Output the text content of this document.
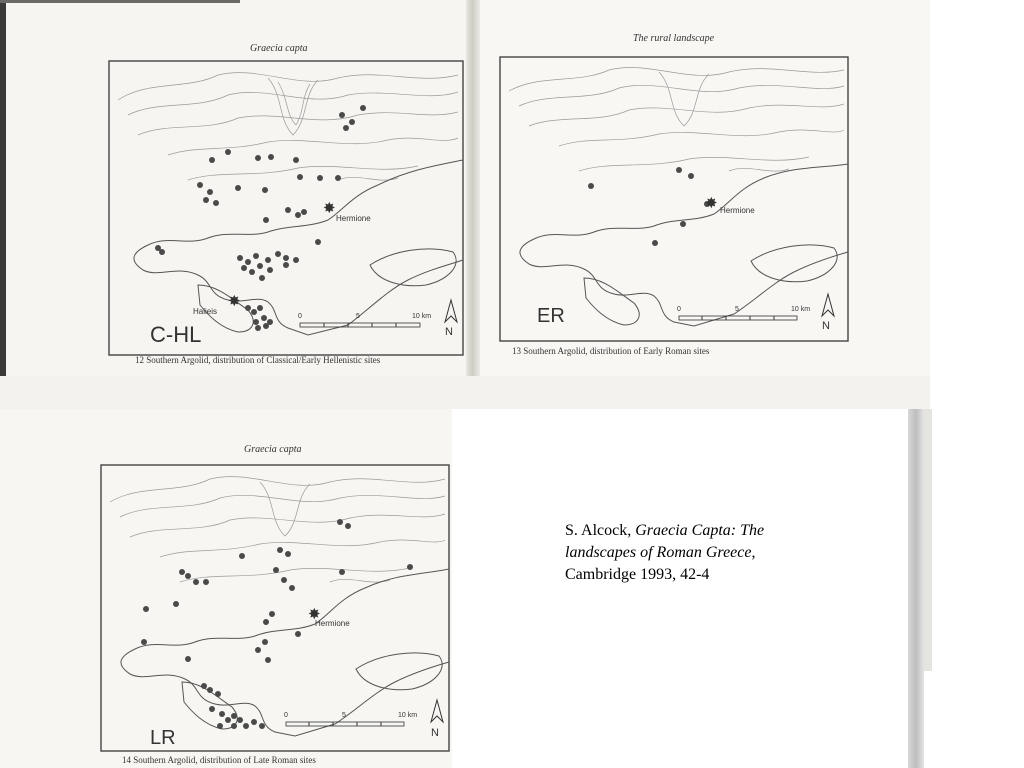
Graecia capta
The rural landscape
✸
✸
Hermione
Halieis
C-HL
0	5	10 km
N
✸ Hermione
ER	0	5	10 km
N
12 Southern Argolid, distribution of Classical/Early Hellenistic sites
13 Southern Argolid, distribution of Early Roman sites
Graecia capta
✸
Hermione
LR
0	5	10 km
N
14 Southern Argolid, distribution of Late Roman sites
S. Alcock, Graecia Capta: The landscapes of Roman Greece,
Cambridge 1993, 42-4
